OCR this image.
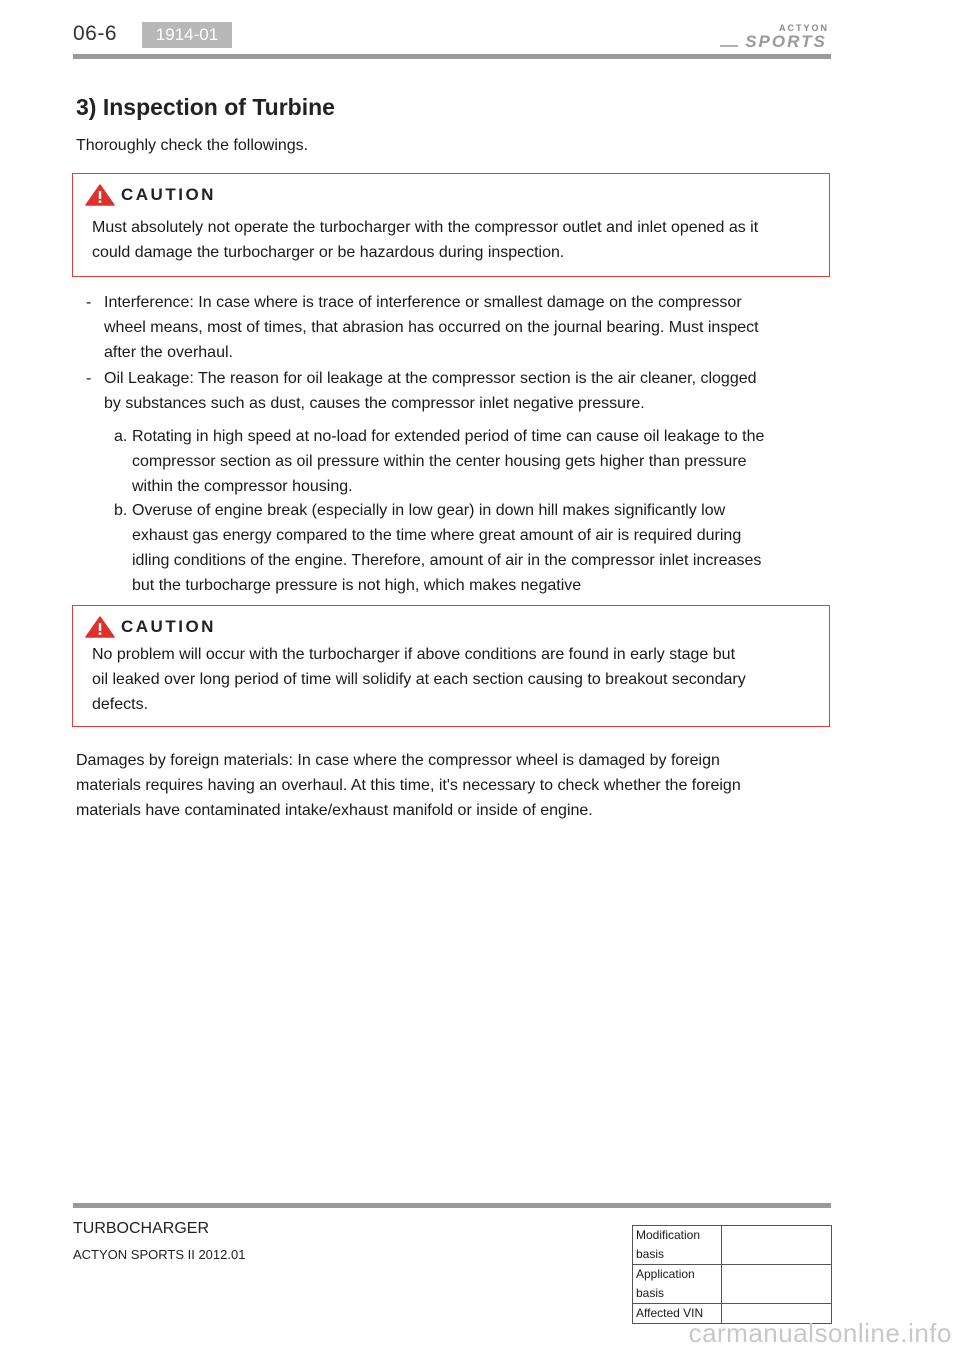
06-6	1914-01	ACTYON
SPORTS
3) Inspection of Turbine
Thoroughly check the followings.
CAUTION
Must absolutely not operate the turbocharger with the compressor outlet and inlet opened as it
could damage the turbocharger or be hazardous during inspection.
- Interference: In case where is trace of interference or smallest damage on the compressor
wheel means, most of times, that abrasion has occurred on the journal bearing. Must inspect
after the overhaul.
- Oil Leakage: The reason for oil leakage at the compressor section is the air cleaner, clogged
by substances such as dust, causes the compressor inlet negative pressure.
a. Rotating in high speed at no-load for extended period of time can cause oil leakage to the
compressor section as oil pressure within the center housing gets higher than pressure
within the compressor housing.
b. Overuse of engine break (especially in low gear) in down hill makes significantly low
exhaust gas energy compared to the time where great amount of air is required during
idling conditions of the engine. Therefore, amount of air in the compressor inlet increases
but the turbocharge pressure is not high, which makes negative
CAUTION
No problem will occur with the turbocharger if above conditions are found in early stage but
oil leaked over long period of time will solidify at each section causing to breakout secondary
defects.
Damages by foreign materials: In case where the compressor wheel is damaged by foreign
materials requires having an overhaul. At this time, it's necessary to check whether the foreign
materials have contaminated intake/exhaust manifold or inside of engine.
TURBOCHARGER
ACTYON SPORTS II 2012.01
Modification basis	
Application basis	
Affected VIN	
carmanualsonline.info
